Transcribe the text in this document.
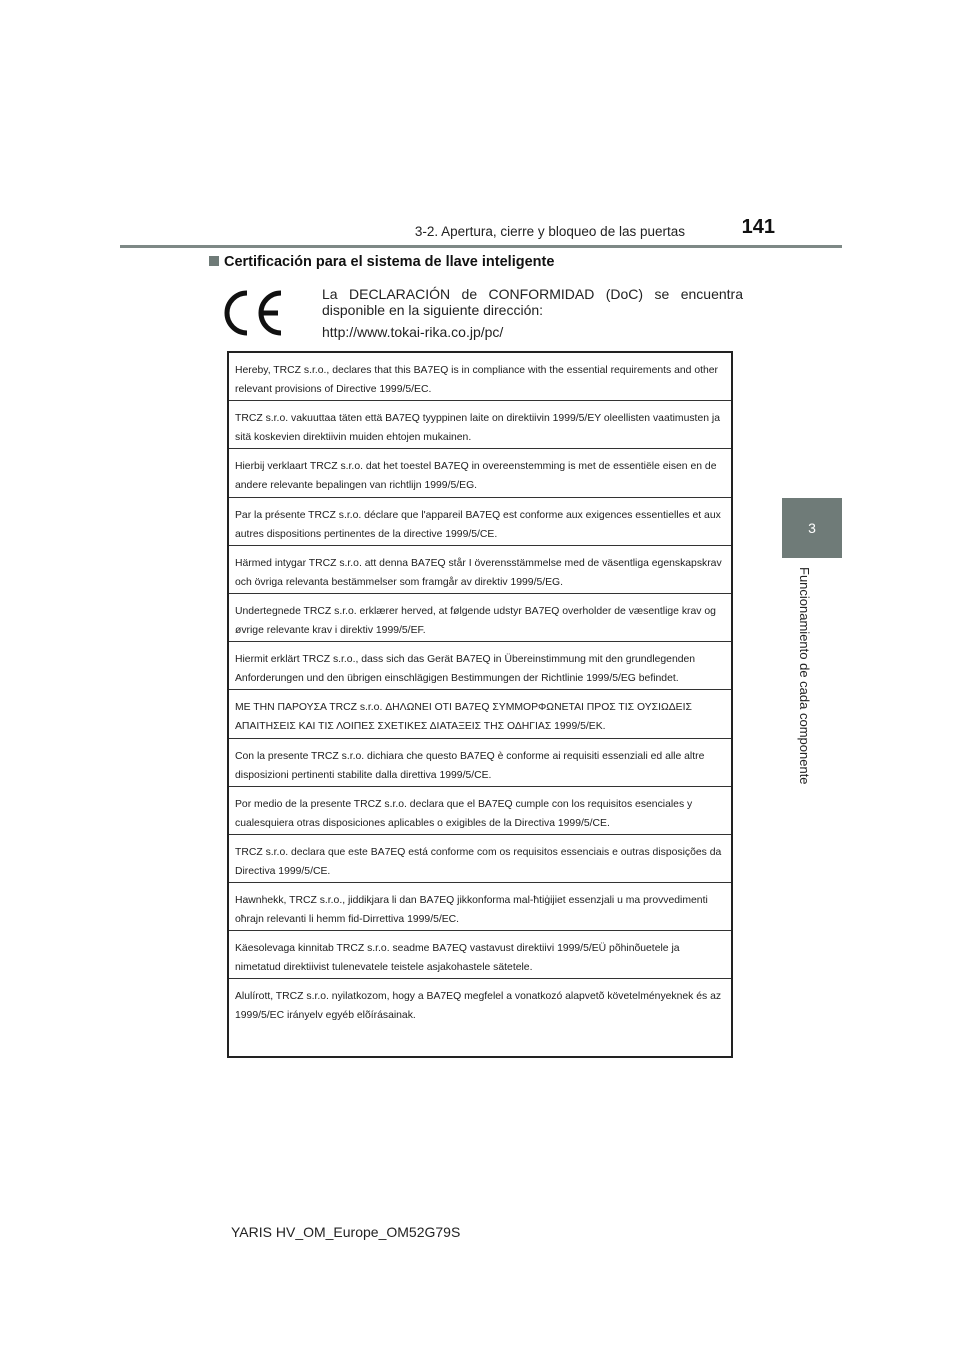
3-2. Apertura, cierre y bloqueo de las puertas	141
3
Funcionamiento de cada componente
Certificación para el sistema de llave inteligente
La DECLARACIÓN de CONFORMIDAD (DoC) se encuentra disponible en la siguiente dirección:
http://www.tokai-rika.co.jp/pc/
Hereby, TRCZ s.r.o., declares that this BA7EQ is in compliance with the essential requirements and other relevant provisions of Directive 1999/5/EC.
TRCZ s.r.o. vakuuttaa täten että BA7EQ tyyppinen laite on direktiivin 1999/5/EY oleellisten vaatimusten ja sitä koskevien direktiivin muiden ehtojen mukainen.
Hierbij verklaart TRCZ s.r.o. dat het toestel BA7EQ in overeenstemming is met de essentiële eisen en de andere relevante bepalingen van richtlijn 1999/5/EG.
Par la présente TRCZ s.r.o. déclare que l'appareil BA7EQ est conforme aux exigences essentielles et aux autres dispositions pertinentes de la directive 1999/5/CE.
Härmed intygar TRCZ s.r.o. att denna BA7EQ står I överensstämmelse med de väsentliga egenskapskrav och övriga relevanta bestämmelser som framgår av direktiv 1999/5/EG.
Undertegnede TRCZ s.r.o. erklærer herved, at følgende udstyr BA7EQ overholder de væsentlige krav og øvrige relevante krav i direktiv 1999/5/EF.
Hiermit erklärt TRCZ s.r.o., dass sich das Gerät BA7EQ in Übereinstimmung mit den grundlegenden Anforderungen und den übrigen einschlägigen Bestimmungen der Richtlinie 1999/5/EG befindet.
ΜΕ ΤΗΝ ΠΑΡΟΥΣΑ TRCZ s.r.o. ΔΗΛΩΝΕΙ ΟΤΙ BA7EQ ΣΥΜΜΟΡΦΩΝΕΤΑΙ ΠΡΟΣ ΤΙΣ ΟΥΣΙΩΔΕΙΣ ΑΠΑΙΤΗΣΕΙΣ ΚΑΙ ΤΙΣ ΛΟΙΠΕΣ ΣΧΕΤΙΚΕΣ ΔΙΑΤΑΞΕΙΣ ΤΗΣ ΟΔΗΓΙΑΣ 1999/5/ΕΚ.
Con la presente TRCZ s.r.o. dichiara che questo BA7EQ è conforme ai requisiti essenziali ed alle altre disposizioni pertinenti stabilite dalla direttiva 1999/5/CE.
Por medio de la presente TRCZ s.r.o. declara que el BA7EQ cumple con los requisitos esenciales y cualesquiera otras disposiciones aplicables o exigibles de la Directiva 1999/5/CE.
TRCZ s.r.o. declara que este BA7EQ está conforme com os requisitos essenciais e outras disposições da Directiva 1999/5/CE.
Hawnhekk, TRCZ s.r.o., jiddikjara li dan BA7EQ jikkonforma mal-ħtiġijiet essenzjali u ma provvedimenti oħrajn relevanti li hemm fid-Dirrettiva 1999/5/EC.
Käesolevaga kinnitab TRCZ s.r.o. seadme BA7EQ vastavust direktiivi 1999/5/EÜ põhinõuetele ja nimetatud direktiivist tulenevatele teistele asjakohastele sätetele.
Alulírott, TRCZ s.r.o. nyilatkozom, hogy a BA7EQ megfelel a vonatkozó alapvetõ követelményeknek és az 1999/5/EC irányelv egyéb elõírásainak.
YARIS HV_OM_Europe_OM52G79S
